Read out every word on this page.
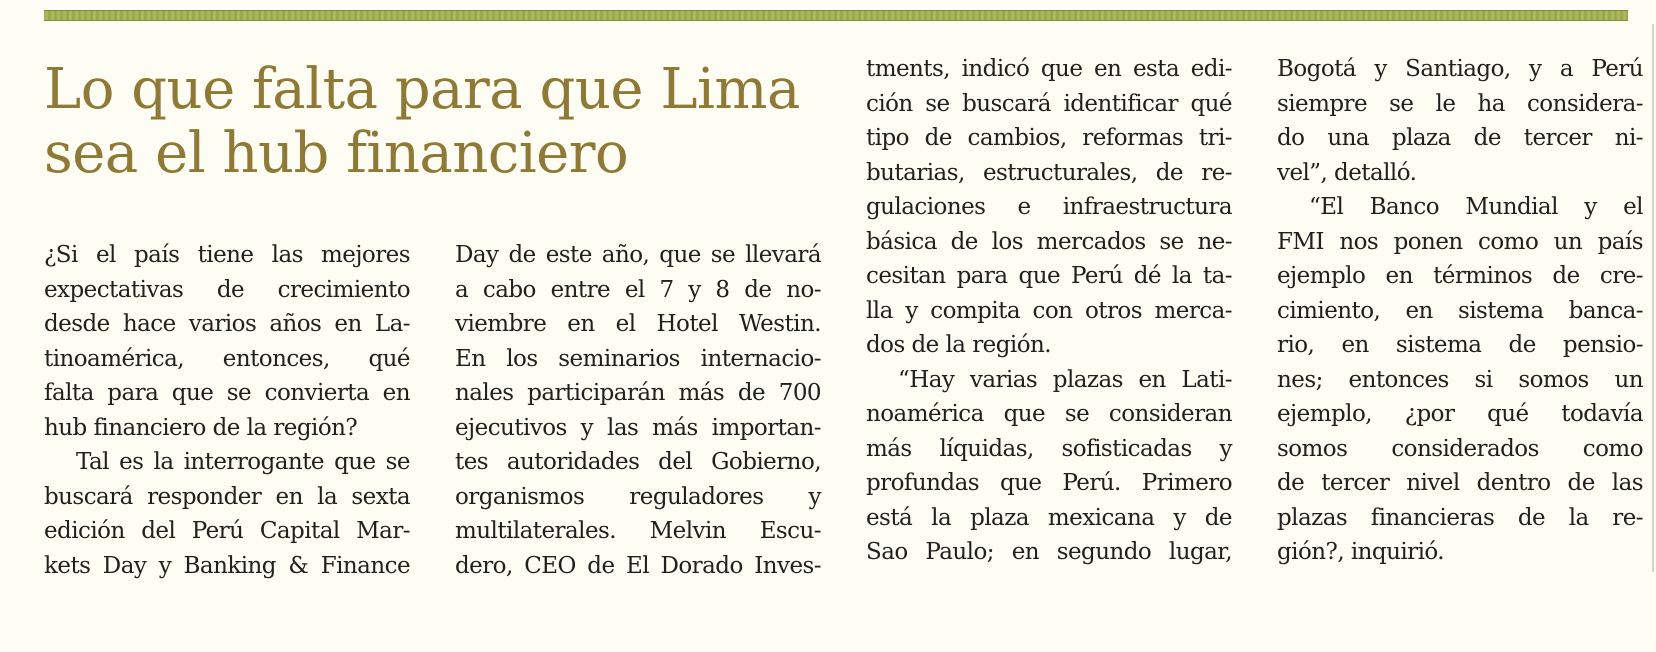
Lo que falta para que Lima
sea el hub financiero
¿Si el país tiene las mejores
expectativas de crecimiento
desde hace varios años en La-
tinoamérica, entonces, qué
falta para que se convierta en
hub financiero de la región?
Tal es la interrogante que se
buscará responder en la sexta
edición del Perú Capital Mar-
kets Day y Banking & Finance
Day de este año, que se llevará
a cabo entre el 7 y 8 de no-
viembre en el Hotel Westin.
En los seminarios internacio-
nales participarán más de 700
ejecutivos y las más importan-
tes autoridades del Gobierno,
organismos reguladores y
multilaterales. Melvin Escu-
dero, CEO de El Dorado Inves-
tments, indicó que en esta edi-
ción se buscará identificar qué
tipo de cambios, reformas tri-
butarias, estructurales, de re-
gulaciones e infraestructura
básica de los mercados se ne-
cesitan para que Perú dé la ta-
lla y compita con otros merca-
dos de la región.
“Hay varias plazas en Lati-
noamérica que se consideran
más líquidas, sofisticadas y
profundas que Perú. Primero
está la plaza mexicana y de
Sao Paulo; en segundo lugar,
Bogotá y Santiago, y a Perú
siempre se le ha considera-
do una plaza de tercer ni-
vel”, detalló.
“El Banco Mundial y el
FMI nos ponen como un país
ejemplo en términos de cre-
cimiento, en sistema banca-
rio, en sistema de pensio-
nes; entonces si somos un
ejemplo, ¿por qué todavía
somos considerados como
de tercer nivel dentro de las
plazas financieras de la re-
gión?, inquirió.
